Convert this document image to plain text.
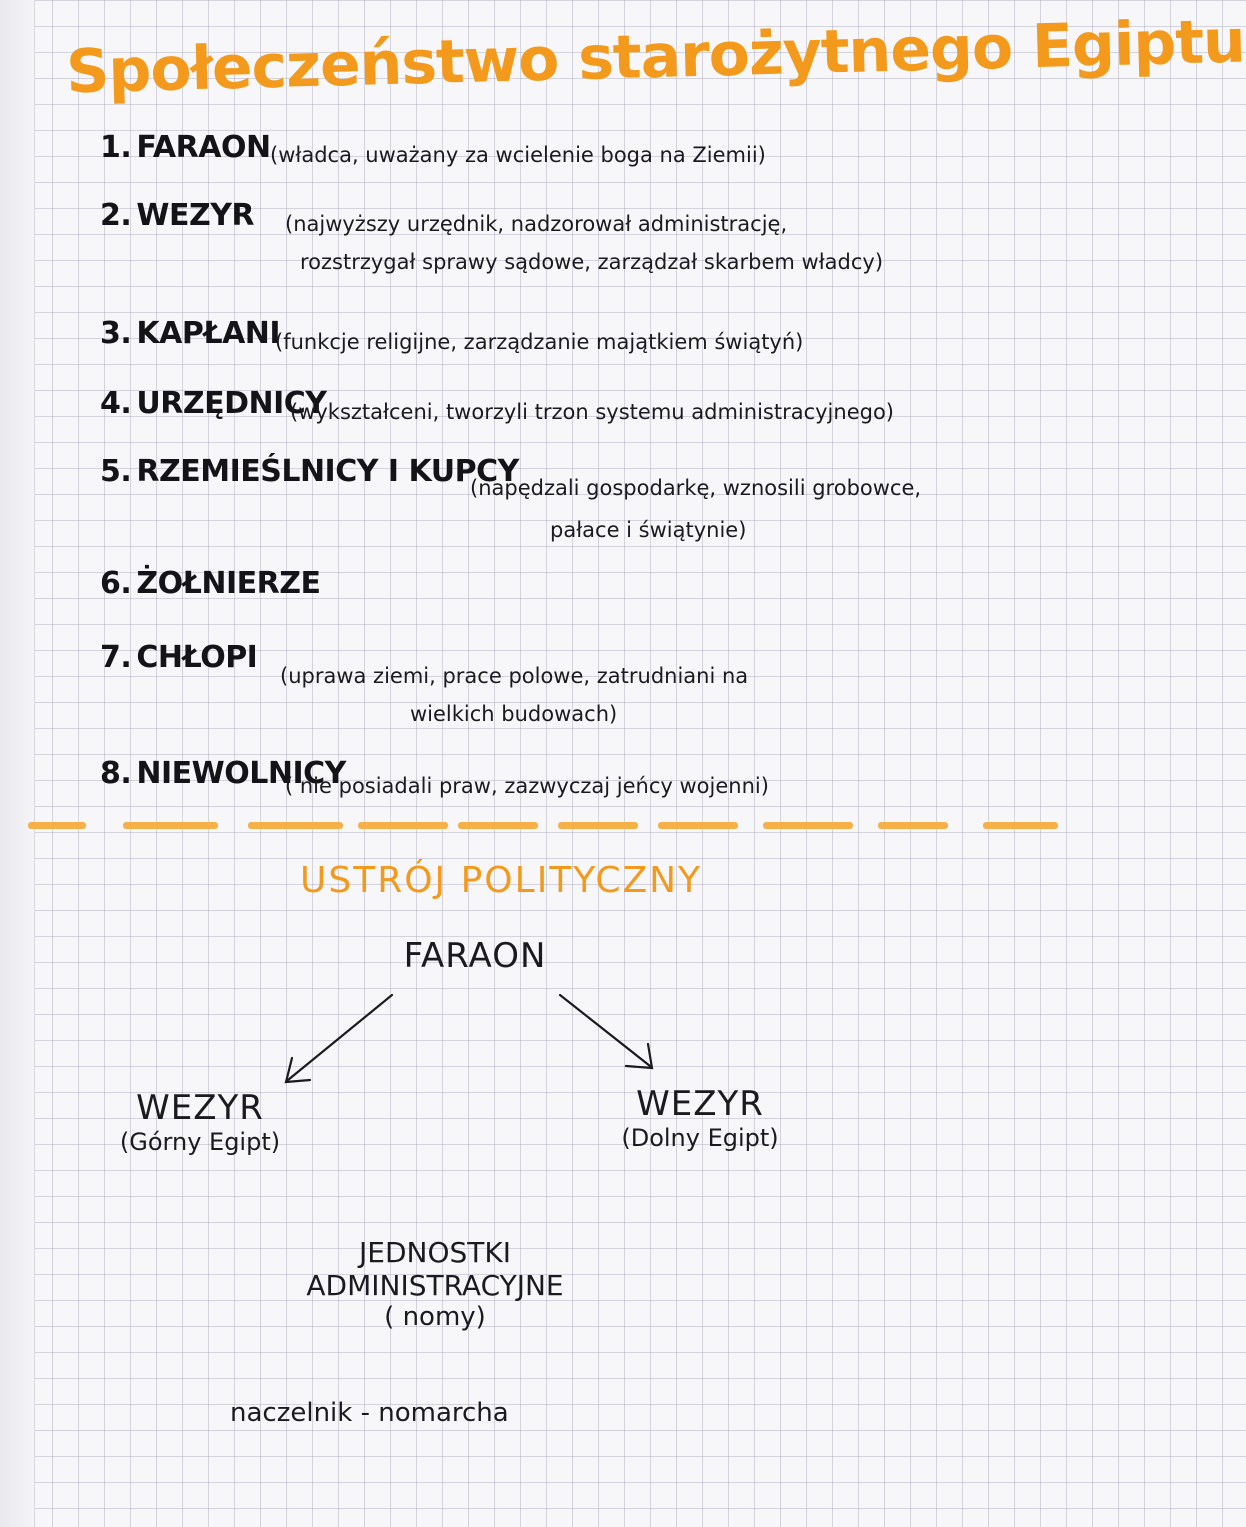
Społeczeństwo starożytnego Egiptu
1. FARAON (władca, uważany za wcielenie boga na Ziemii)
2. WEZYR (najwyższy urzędnik, nadzorował administrację,
rozstrzygał sprawy sądowe, zarządzał skarbem władcy)
3. KAPŁANI
(funkcje religijne, zarządzanie majątkiem świątyń)
4. URZĘDNICY
(wykształceni, tworzyli trzon systemu administracyjnego)
5. RZEMIEŚLNICY I KUPCY
(napędzali gospodarkę, wznosili grobowce,
pałace i świątynie)
6. ŻOŁNIERZE
7. CHŁOPI
(uprawa ziemi, prace polowe, zatrudniani na
wielkich budowach)
8. NIEWOLNICY
( nie posiadali praw, zazwyczaj jeńcy wojenni)
USTRÓJ POLITYCZNY
FARAON
WEZYR
(Górny Egipt)
WEZYR
(Dolny Egipt)
JEDNOSTKI
ADMINISTRACYJNE
( nomy)
naczelnik - nomarcha
